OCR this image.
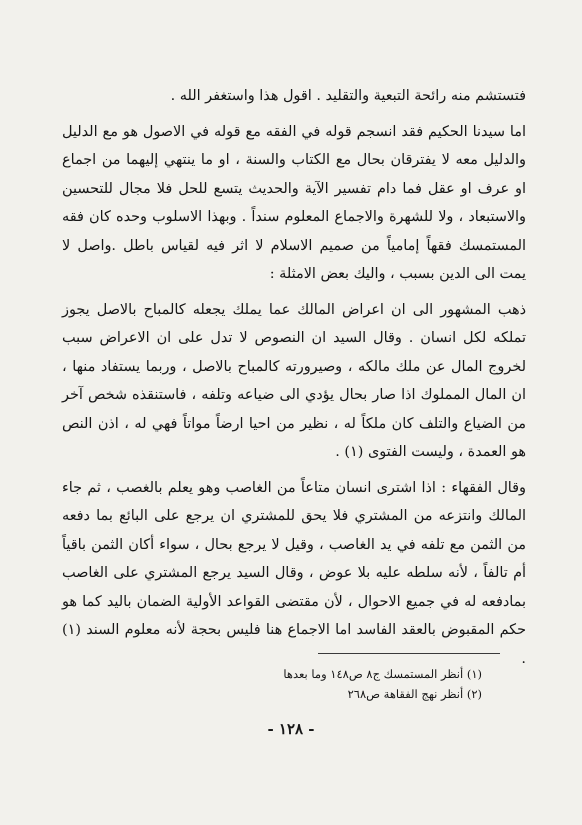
فتستشم منه رائحة التبعية والتقليد . اقول هذا واستغفر الله .

اما سيدنا الحكيم فقد انسجم قوله في الفقه مع قوله في الاصول هو مع الدليل والدليل معه لا يفترقان بحال مع الكتاب والسنة ، او ما ينتهي إليهما من اجماع او عرف او عقل فما دام تفسير الآية والحديث يتسع للحل فلا مجال للتحسين والاستبعاد ، ولا للشهرة والاجماع المعلوم سنداً . وبهذا الاسلوب وحده كان فقه المستمسك فقهاً إمامياً من صميم الاسلام لا اثر فيه لقياس باطل .واصل لا يمت الى الدين بسبب ، واليك بعض الامثلة :

ذهب المشهور الى ان اعراض المالك عما يملك يجعله كالمباح بالاصل يجوز تملكه لكل انسان . وقال السيد ان النصوص لا تدل على ان الاعراض سبب لخروج المال عن ملك مالكه ، وصيرورته كالمباح بالاصل ، وربما يستفاد منها ، ان المال المملوك اذا صار بحال يؤدي الى ضياعه وتلفه ، فاستنقذه شخص آخر من الضياع والتلف كان ملكاً له ، نظير من احيا ارضاً مواتاً فهي له ، اذن النص هو العمدة ، وليست الفتوى (١) .

وقال الفقهاء : اذا اشترى انسان متاعاً من الغاصب وهو يعلم بالغصب ، ثم جاء المالك وانتزعه من المشتري فلا يحق للمشتري ان يرجع على البائع بما دفعه من الثمن مع تلفه في يد الغاصب ، وقيل لا يرجع بحال ، سواء أكان الثمن باقياً أم تالفاً ، لأنه سلطه عليه بلا عوض ، وقال السيد يرجع المشتري على الغاصب بمادفعه له في جميع الاحوال ، لأن مقتضى القواعد الأولية الضمان باليد كما هو حكم المقبوض بالعقد الفاسد اما الاجماع هنا فليس بحجة لأنه معلوم السند (١) .

(١) أنظر المستمسك ج٨ ص١٤٨ وما بعدها
(٢) أنظر نهج الفقاهة ص٢٦٨
- ١٢٨ -
